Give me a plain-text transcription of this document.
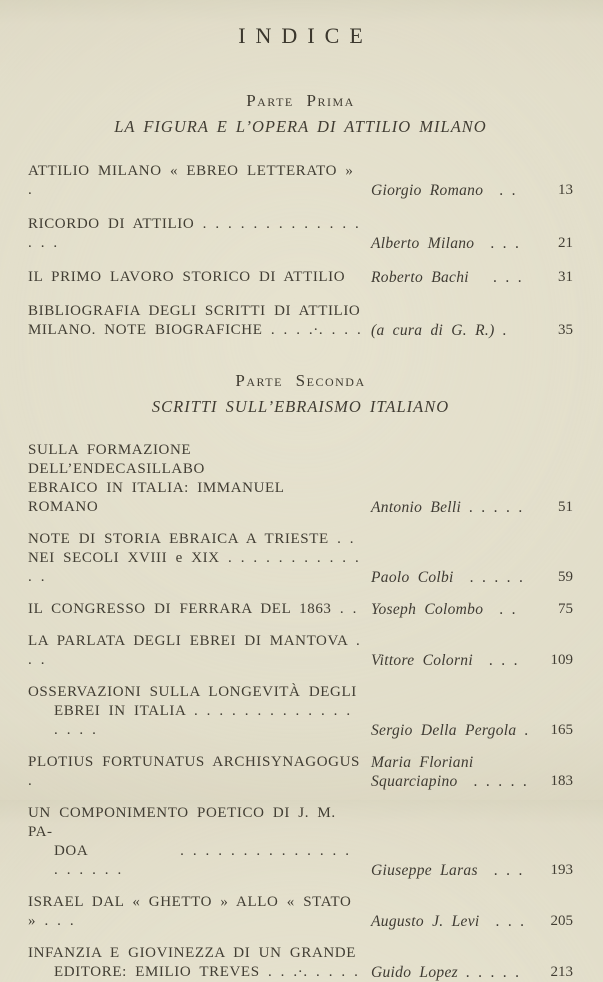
INDICE
Parte Prima
LA FIGURA E L’OPERA DI ATTILIO MILANO
ATTILIO MILANO « EBREO LETTERATO » .	Giorgio Romano  . .	13
RICORDO DI ATTILIO . . . . . . . . . . . . . . . .	Alberto Milano  . . .	21
IL PRIMO LAVORO STORICO DI ATTILIO	Roberto Bachi   . . .	31
BIBLIOGRAFIA DEGLI SCRITTI DI ATTILIO
MILANO. NOTE BIOGRAFICHE . . . .·. . . . (a cura di G. R.) .	35
Parte Seconda
SCRITTI SULL’EBRAISMO ITALIANO
SULLA FORMAZIONE DELL’ENDECASILLABO
EBRAICO IN ITALIA: IMMANUEL ROMANO	Antonio Belli . . . . .	51
NOTE DI STORIA EBRAICA A TRIESTE . .
NEI SECOLI XVIII e XIX . . . . . . . . . . . . .	Paolo Colbi  . . . . .	59
IL CONGRESSO DI FERRARA DEL 1863 . . Yoseph Colombo  . .	75
LA PARLATA DEGLI EBREI DI MANTOVA . . .	Vittore Colorni  . . .	109
OSSERVAZIONI SULLA LONGEVITÀ DEGLI
EBREI IN ITALIA . . . . . . . . . . . . . . . . .	Sergio Della Pergola .	165
PLOTIUS FORTUNATUS ARCHISYNAGOGUS .
Maria Floriani
Squarciapino  . . . . .	183
UN COMPONIMENTO POETICO DI J. M. PA-
DOA           . . . . . . . . . . . . . . . . . . . .	Giuseppe Laras  . . .	193
ISRAEL DAL « GHETTO » ALLO « STATO » . . .	Augusto J. Levi  . . .	205
INFANZIA E GIOVINEZZA DI UN GRANDE
EDITORE: EMILIO TREVES . . .·. . . . . Guido Lopez . . . . .	213
